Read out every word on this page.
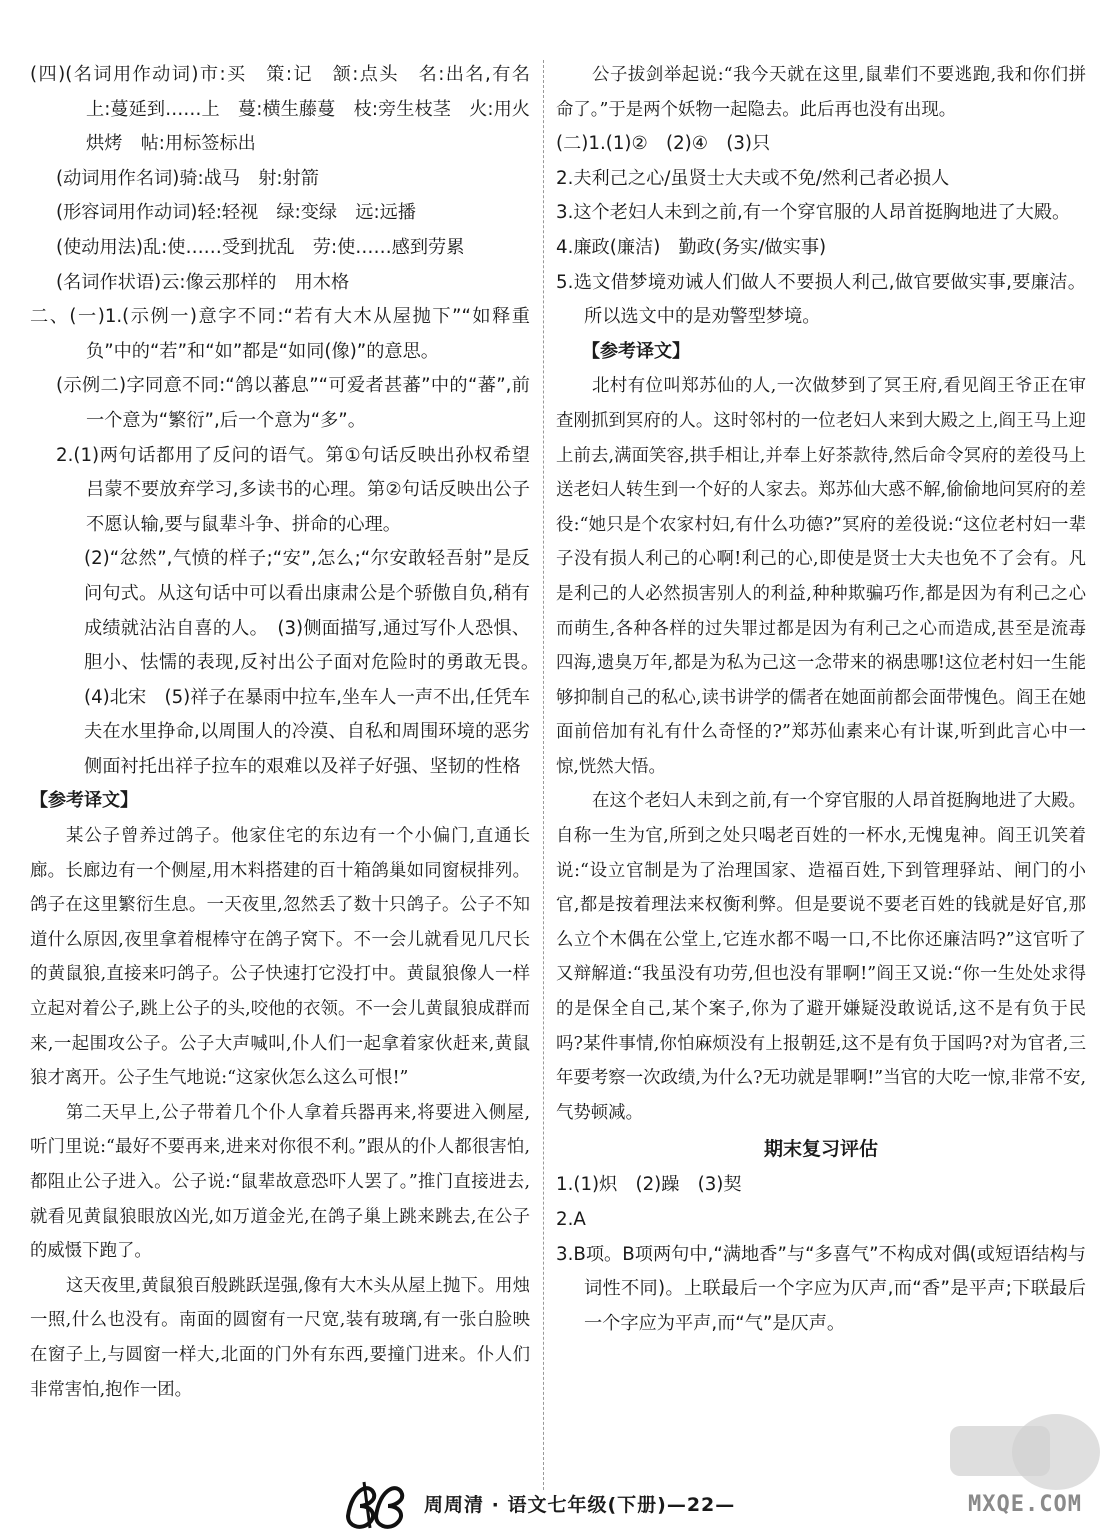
(四)(名词用作动词)市:买　策:记　颔:点头　名:出名,有名　上:蔓延到……上　蔓:横生藤蔓　枝:旁生枝茎　火:用火烘烤　帖:用标签标出

(动词用作名词)骑:战马　射:射箭

(形容词用作动词)轻:轻视　绿:变绿　远:远播

(使动用法)乱:使……受到扰乱　劳:使……感到劳累

(名词作状语)云:像云那样的　用木格

二、(一)1.(示例一)意字不同:“若有大木从屋抛下”“如释重负”中的“若”和“如”都是“如同(像)”的意思。

(示例二)字同意不同:“鸽以蕃息”“可爱者甚蕃”中的“蕃”,前一个意为“繁衍”,后一个意为“多”。

2.(1)两句话都用了反问的语气。第①句话反映出孙权希望吕蒙不要放弃学习,多读书的心理。第②句话反映出公子不愿认输,要与鼠辈斗争、拼命的心理。

(2)“忿然”,气愤的样子;“安”,怎么;“尔安敢轻吾射”是反问句式。从这句话中可以看出康肃公是个骄傲自负,稍有成绩就沾沾自喜的人。　(3)侧面描写,通过写仆人恐惧、胆小、怯懦的表现,反衬出公子面对危险时的勇敢无畏。　(4)北宋　(5)祥子在暴雨中拉车,坐车人一声不出,任凭车夫在水里挣命,以周围人的冷漠、自私和周围环境的恶劣侧面衬托出祥子拉车的艰难以及祥子好强、坚韧的性格

【参考译文】

某公子曾养过鸽子。他家住宅的东边有一个小偏门,直通长廊。长廊边有一个侧屋,用木料搭建的百十箱鸽巢如同窗棂排列。鸽子在这里繁衍生息。一天夜里,忽然丢了数十只鸽子。公子不知道什么原因,夜里拿着棍棒守在鸽子窝下。不一会儿就看见几尺长的黄鼠狼,直接来叼鸽子。公子快速打它没打中。黄鼠狼像人一样立起对着公子,跳上公子的头,咬他的衣领。不一会儿黄鼠狼成群而来,一起围攻公子。公子大声喊叫,仆人们一起拿着家伙赶来,黄鼠狼才离开。公子生气地说:“这家伙怎么这么可恨!”

第二天早上,公子带着几个仆人拿着兵器再来,将要进入侧屋,听门里说:“最好不要再来,进来对你很不利。”跟从的仆人都很害怕,都阻止公子进入。公子说:“鼠辈故意恐吓人罢了。”推门直接进去,就看见黄鼠狼眼放凶光,如万道金光,在鸽子巢上跳来跳去,在公子的威慑下跑了。

这天夜里,黄鼠狼百般跳跃逞强,像有大木头从屋上抛下。用烛一照,什么也没有。南面的圆窗有一尺宽,装有玻璃,有一张白脸映在窗子上,与圆窗一样大,北面的门外有东西,要撞门进来。仆人们非常害怕,抱作一团。

公子拔剑举起说:“我今天就在这里,鼠辈们不要逃跑,我和你们拼命了。”于是两个妖物一起隐去。此后再也没有出现。

(二)1.(1)②　(2)④　(3)只

2.夫利己之心/虽贤士大夫或不免/然利己者必损人

3.这个老妇人未到之前,有一个穿官服的人昂首挺胸地进了大殿。

4.廉政(廉洁)　勤政(务实/做实事)

5.选文借梦境劝诫人们做人不要损人利己,做官要做实事,要廉洁。所以选文中的是劝警型梦境。

【参考译文】

北村有位叫郑苏仙的人,一次做梦到了冥王府,看见阎王爷正在审查刚抓到冥府的人。这时邻村的一位老妇人来到大殿之上,阎王马上迎上前去,满面笑容,拱手相让,并奉上好茶款待,然后命令冥府的差役马上送老妇人转生到一个好的人家去。郑苏仙大惑不解,偷偷地问冥府的差役:“她只是个农家村妇,有什么功德?”冥府的差役说:“这位老村妇一辈子没有损人利己的心啊!利己的心,即使是贤士大夫也免不了会有。凡是利己的人必然损害别人的利益,种种欺骗巧作,都是因为有利己之心而萌生,各种各样的过失罪过都是因为有利己之心而造成,甚至是流毒四海,遗臭万年,都是为私为己这一念带来的祸患哪!这位老村妇一生能够抑制自己的私心,读书讲学的儒者在她面前都会面带愧色。阎王在她面前倍加有礼有什么奇怪的?”郑苏仙素来心有计谋,听到此言心中一惊,恍然大悟。

在这个老妇人未到之前,有一个穿官服的人昂首挺胸地进了大殿。自称一生为官,所到之处只喝老百姓的一杯水,无愧鬼神。阎王讥笑着说:“设立官制是为了治理国家、造福百姓,下到管理驿站、闸门的小官,都是按着理法来权衡利弊。但是要说不要老百姓的钱就是好官,那么立个木偶在公堂上,它连水都不喝一口,不比你还廉洁吗?”这官听了又辩解道:“我虽没有功劳,但也没有罪啊!”阎王又说:“你一生处处求得的是保全自己,某个案子,你为了避开嫌疑没敢说话,这不是有负于民吗?某件事情,你怕麻烦没有上报朝廷,这不是有负于国吗?对为官者,三年要考察一次政绩,为什么?无功就是罪啊!”当官的大吃一惊,非常不安,气势顿减。

期末复习评估

1.(1)炽　(2)躁　(3)契

2.A

3.B项。B项两句中,“满地香”与“多喜气”不构成对偶(或短语结构与词性不同)。上联最后一个字应为仄声,而“香”是平声;下联最后一个字应为平声,而“气”是仄声。

周周清 · 语文七年级(下册)—22—	MXQE.COM
